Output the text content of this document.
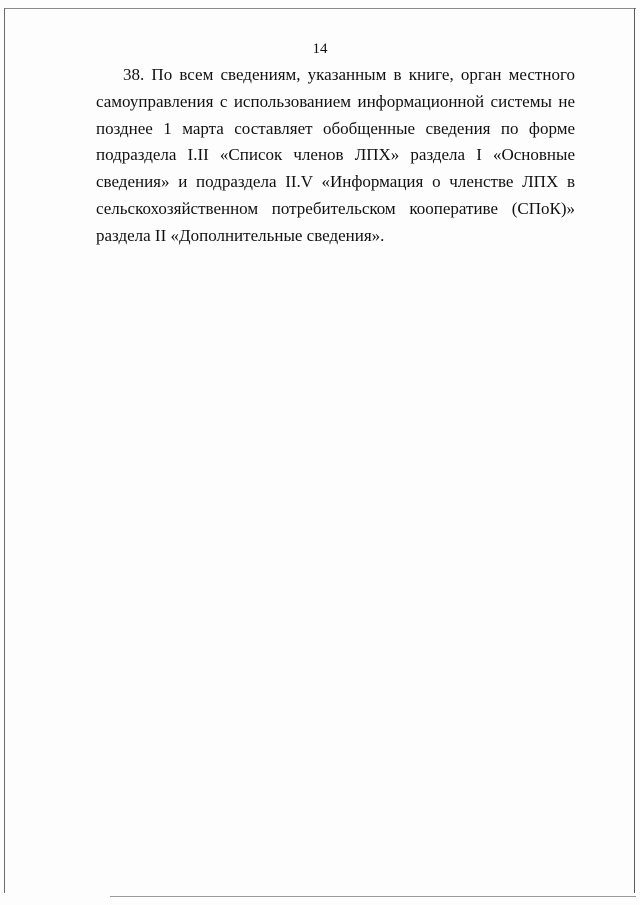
14

38. По всем сведениям, указанным в книге, орган местного самоуправления с использованием информационной системы не позднее 1 марта составляет обобщенные сведения по форме подраздела I.II «Список членов ЛПХ» раздела I «Основные сведения» и подраздела II.V «Информация о членстве ЛПХ в сельскохозяйственном потребительском кооперативе (СПоК)» раздела II «Дополнительные сведения».
